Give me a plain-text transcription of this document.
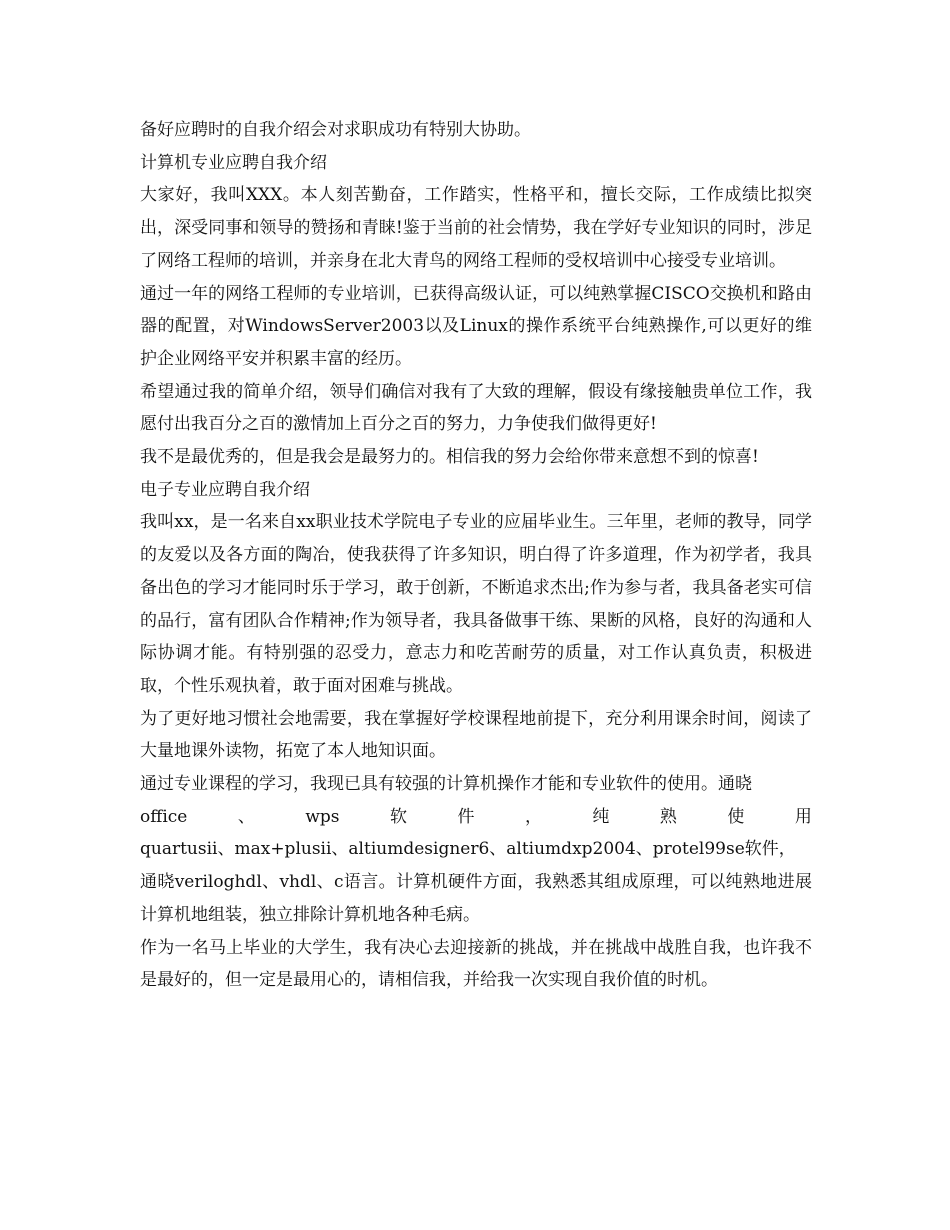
备好应聘时的自我介绍会对求职成功有特别大协助。

计算机专业应聘自我介绍

大家好，我叫XXX。本人刻苦勤奋，工作踏实，性格平和，擅长交际，工作成绩比拟突出，深受同事和领导的赞扬和青睐!鉴于当前的社会情势，我在学好专业知识的同时，涉足了网络工程师的培训，并亲身在北大青鸟的网络工程师的受权培训中心接受专业培训。

通过一年的网络工程师的专业培训，已获得高级认证，可以纯熟掌握CISCO交换机和路由器的配置，对WindowsServer2003以及Linux的操作系统平台纯熟操作,可以更好的维护企业网络平安并积累丰富的经历。

希望通过我的简单介绍，领导们确信对我有了大致的理解，假设有缘接触贵单位工作，我愿付出我百分之百的激情加上百分之百的努力，力争使我们做得更好!

我不是最优秀的，但是我会是最努力的。相信我的努力会给你带来意想不到的惊喜!

电子专业应聘自我介绍

我叫xx，是一名来自xx职业技术学院电子专业的应届毕业生。三年里，老师的教导，同学的友爱以及各方面的陶冶，使我获得了许多知识，明白得了许多道理，作为初学者，我具备出色的学习才能同时乐于学习，敢于创新，不断追求杰出;作为参与者，我具备老实可信的品行，富有团队合作精神;作为领导者，我具备做事干练、果断的风格，良好的沟通和人际协调才能。有特别强的忍受力，意志力和吃苦耐劳的质量，对工作认真负责，积极进取，个性乐观执着，敢于面对困难与挑战。

为了更好地习惯社会地需要，我在掌握好学校课程地前提下，充分利用课余时间，阅读了大量地课外读物，拓宽了本人地知识面。

通过专业课程的学习，我现已具有较强的计算机操作才能和专业软件的使用。通晓

office	、	wps	软	件	，	纯	熟	使	用
quartusii、max+plusii、altiumdesigner6、altiumdxp2004、protel99se软件，

通晓veriloghdl、vhdl、c语言。计算机硬件方面，我熟悉其组成原理，可以纯熟地进展计算机地组装，独立排除计算机地各种毛病。

作为一名马上毕业的大学生，我有决心去迎接新的挑战，并在挑战中战胜自我，也许我不是最好的，但一定是最用心的，请相信我，并给我一次实现自我价值的时机。
